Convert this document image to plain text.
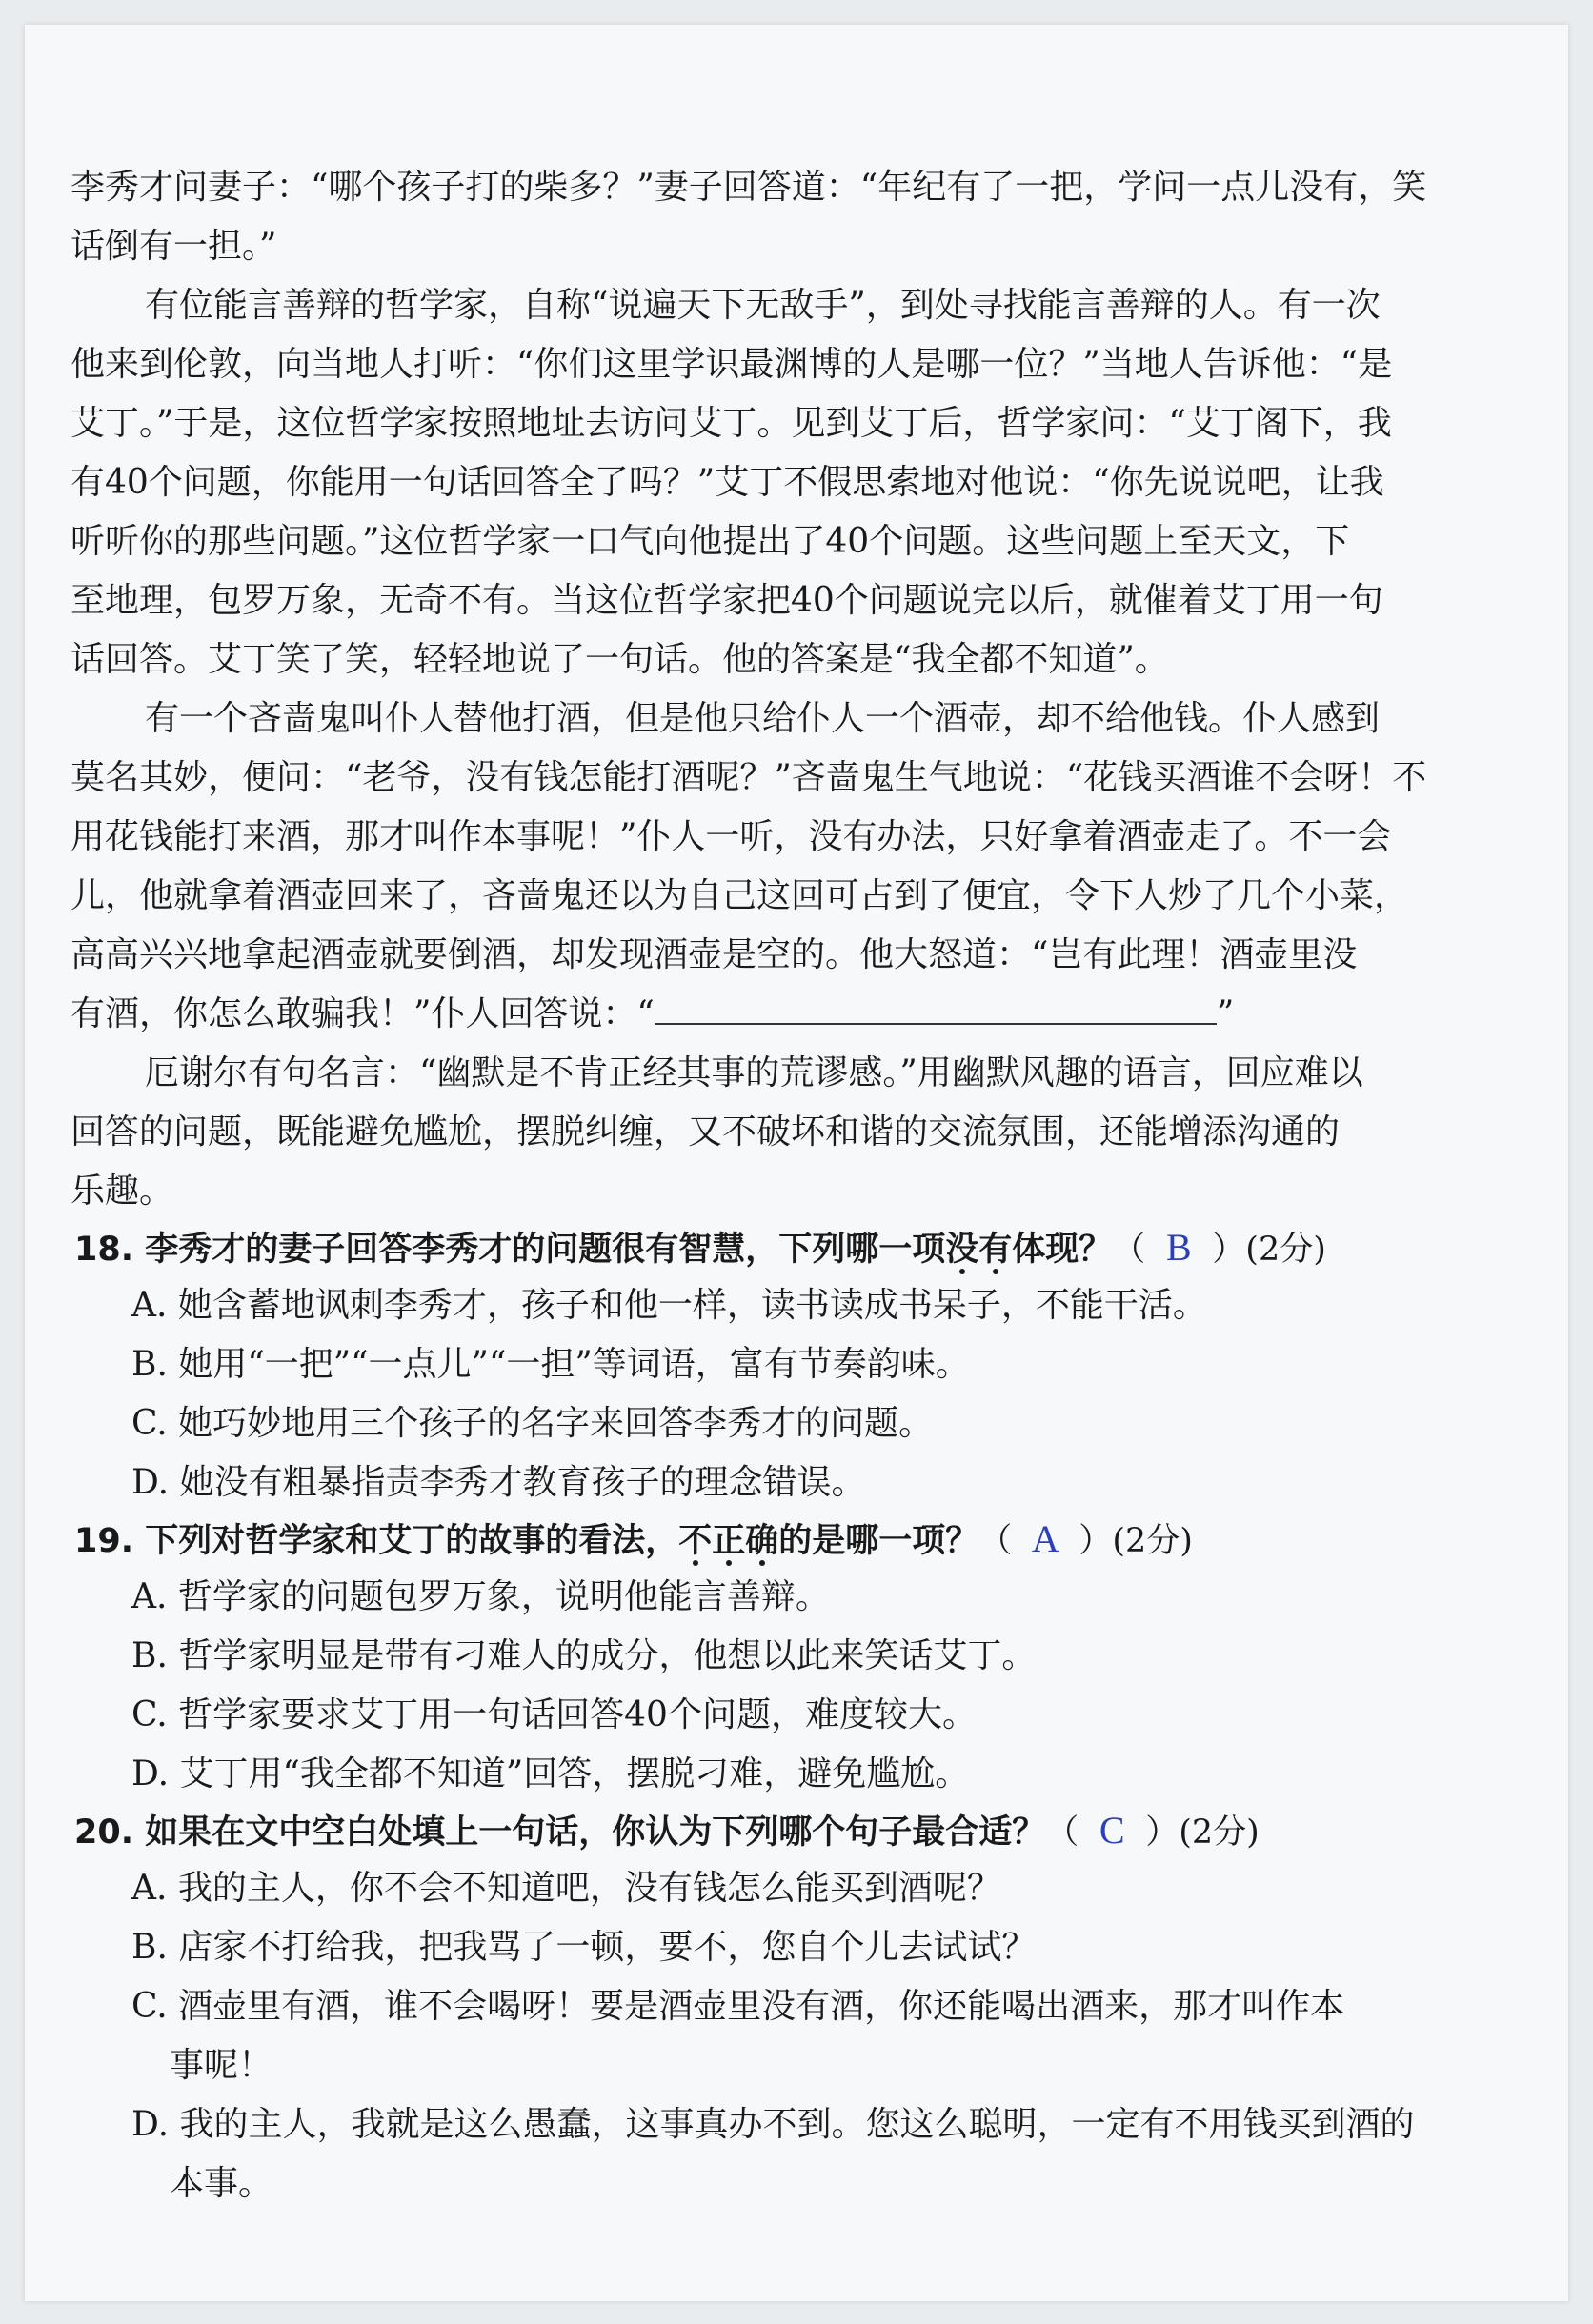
李秀才问妻子：“哪个孩子打的柴多？”妻子回答道：“年纪有了一把，学问一点儿没有，笑
话倒有一担。”
有位能言善辩的哲学家，自称“说遍天下无敌手”，到处寻找能言善辩的人。有一次
他来到伦敦，向当地人打听：“你们这里学识最渊博的人是哪一位？”当地人告诉他：“是
艾丁。”于是，这位哲学家按照地址去访问艾丁。见到艾丁后，哲学家问：“艾丁阁下，我
有40个问题，你能用一句话回答全了吗？”艾丁不假思索地对他说：“你先说说吧，让我
听听你的那些问题。”这位哲学家一口气向他提出了40个问题。这些问题上至天文，下
至地理，包罗万象，无奇不有。当这位哲学家把40个问题说完以后，就催着艾丁用一句
话回答。艾丁笑了笑，轻轻地说了一句话。他的答案是“我全都不知道”。
有一个吝啬鬼叫仆人替他打酒，但是他只给仆人一个酒壶，却不给他钱。仆人感到
莫名其妙，便问：“老爷，没有钱怎能打酒呢？”吝啬鬼生气地说：“花钱买酒谁不会呀！不
用花钱能打来酒，那才叫作本事呢！”仆人一听，没有办法，只好拿着酒壶走了。不一会
儿，他就拿着酒壶回来了，吝啬鬼还以为自己这回可占到了便宜，令下人炒了几个小菜，
高高兴兴地拿起酒壶就要倒酒，却发现酒壶是空的。他大怒道：“岂有此理！酒壶里没
有酒，你怎么敢骗我！”仆人回答说：“	”
厄谢尔有句名言：“幽默是不肯正经其事的荒谬感。”用幽默风趣的语言，回应难以
回答的问题，既能避免尴尬，摆脱纠缠，又不破坏和谐的交流氛围，还能增添沟通的
乐趣。
18. 李秀才的妻子回答李秀才的问题很有智慧，下列哪一项没有体现？（ B ）(2分)
A. 她含蓄地讽刺李秀才，孩子和他一样，读书读成书呆子，不能干活。
B. 她用“一把”“一点儿”“一担”等词语，富有节奏韵味。
C. 她巧妙地用三个孩子的名字来回答李秀才的问题。
D. 她没有粗暴指责李秀才教育孩子的理念错误。
19. 下列对哲学家和艾丁的故事的看法，不正确的是哪一项？（ A ）(2分)
A. 哲学家的问题包罗万象，说明他能言善辩。
B. 哲学家明显是带有刁难人的成分，他想以此来笑话艾丁。
C. 哲学家要求艾丁用一句话回答40个问题，难度较大。
D. 艾丁用“我全都不知道”回答，摆脱刁难，避免尴尬。
20. 如果在文中空白处填上一句话，你认为下列哪个句子最合适？（ C ）(2分)
A. 我的主人，你不会不知道吧，没有钱怎么能买到酒呢？
B. 店家不打给我，把我骂了一顿，要不，您自个儿去试试？
C. 酒壶里有酒，谁不会喝呀！要是酒壶里没有酒，你还能喝出酒来，那才叫作本
事呢！
D. 我的主人，我就是这么愚蠢，这事真办不到。您这么聪明，一定有不用钱买到酒的
本事。
